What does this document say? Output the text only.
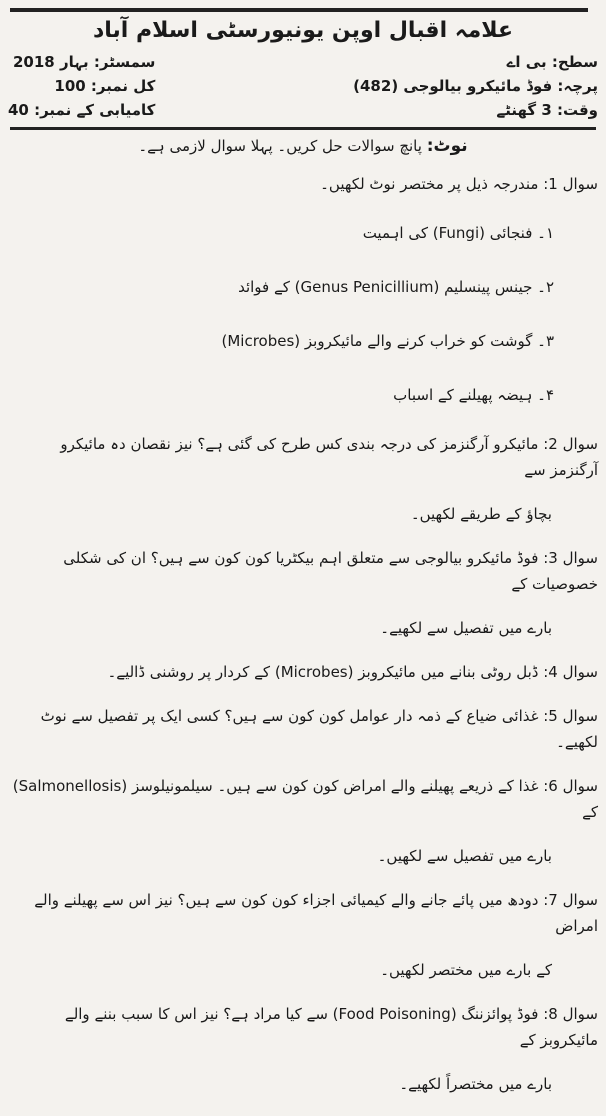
علامہ اقبال اوپن یونیورسٹی اسلام آباد
سطح: بی اے
پرچہ: فوڈ مائیکرو بیالوجی (482)
وقت: 3 گھنٹے
سمسٹر: بہار 2018
کل نمبر: 100
کامیابی کے نمبر: 40
نوٹ: پانچ سوالات حل کریں۔ پہلا سوال لازمی ہے۔
سوال 1: مندرجہ ذیل پر مختصر نوٹ لکھیں۔
۱۔ فنجائی (Fungi) کی اہمیت
۲۔ جینس پینسلیم (Genus Penicillium) کے فوائد
۳۔ گوشت کو خراب کرنے والے مائیکروبز (Microbes)
۴۔ ہیضہ پھیلنے کے اسباب
سوال 2: مائیکرو آرگنزمز کی درجہ بندی کس طرح کی گئی ہے؟ نیز نقصان دہ مائیکرو آرگنزمز سے
بچاؤ کے طریقے لکھیں۔
سوال 3: فوڈ مائیکرو بیالوجی سے متعلق اہم بیکٹریا کون کون سے ہیں؟ ان کی شکلی خصوصیات کے
بارے میں تفصیل سے لکھیے۔
سوال 4: ڈبل روٹی بنانے میں مائیکروبز (Microbes) کے کردار پر روشنی ڈالیے۔
سوال 5: غذائی ضیاع کے ذمہ دار عوامل کون کون سے ہیں؟ کسی ایک پر تفصیل سے نوٹ لکھیے۔
سوال 6: غذا کے ذریعے پھیلنے والے امراض کون کون سے ہیں۔ سیلمونیلوسز (Salmonellosis) کے
بارے میں تفصیل سے لکھیں۔
سوال 7: دودھ میں پائے جانے والے کیمیائی اجزاء کون کون سے ہیں؟ نیز اس سے پھیلنے والے امراض
کے بارے میں مختصر لکھیں۔
سوال 8: فوڈ پوائزننگ (Food Poisoning) سے کیا مراد ہے؟ نیز اس کا سبب بننے والے مائیکروبز کے
بارے میں مختصراً لکھیے۔
